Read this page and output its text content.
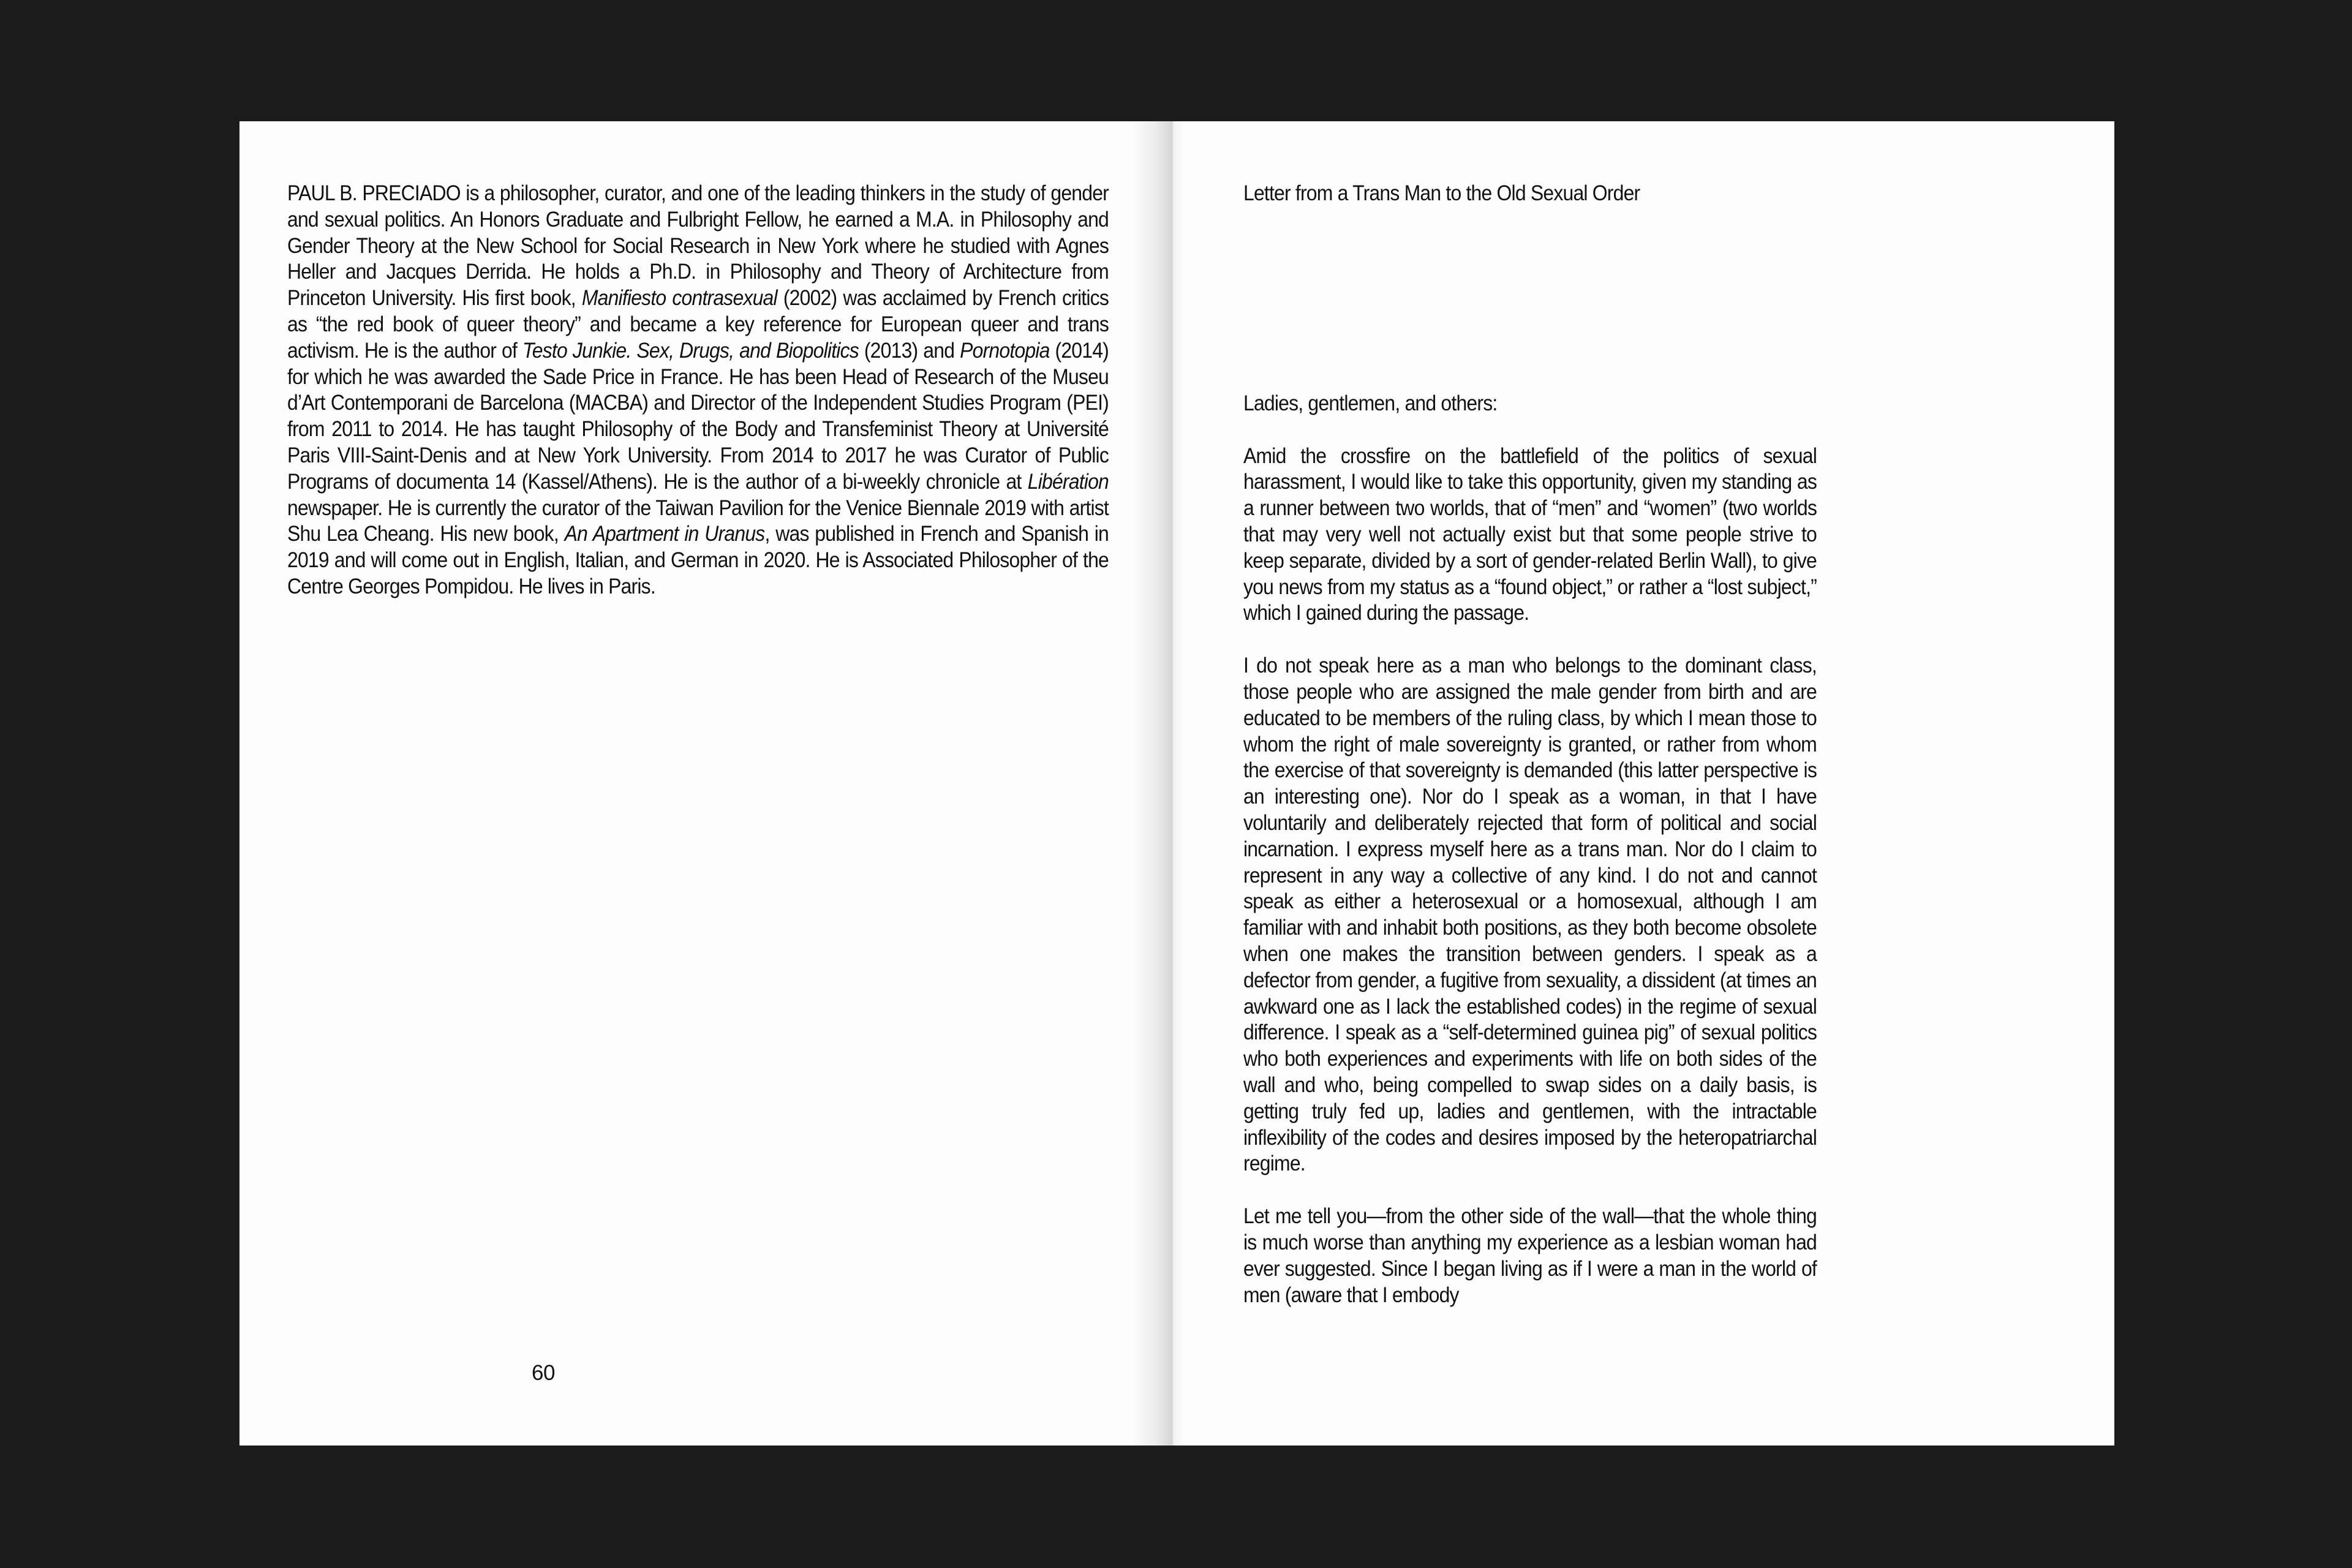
PAUL B. PRECIADO is a philosopher, curator, and one of the leading thinkers in the study of gender and sexual politics. An Honors Graduate and Fulbright Fellow, he earned a M.A. in Philosophy and Gender Theory at the New School for Social Research in New York where he studied with Agnes Heller and Jacques Derrida. He holds a Ph.D. in Philosophy and Theory of Architecture from Princeton University. His first book, Manifiesto contrasexual (2002) was acclaimed by French critics as “the red book of queer theory” and became a key reference for European queer and trans activism. He is the author of Testo Junkie. Sex, Drugs, and Biopolitics (2013) and Pornotopia (2014) for which he was awarded the Sade Price in France. He has been Head of Research of the Museu d’Art Contemporani de Barcelona (MACBA) and Director of the Independent Studies Program (PEI) from 2011 to 2014. He has taught Philosophy of the Body and Transfeminist Theory at Université Paris VIII-Saint-Denis and at New York University. From 2014 to 2017 he was Curator of Public Programs of documenta 14 (Kassel/Athens). He is the author of a bi-weekly chronicle at Libération newspaper. He is currently the curator of the Taiwan Pavilion for the Venice Biennale 2019 with artist Shu Lea Cheang. His new book, An Apartment in Uranus, was published in French and Spanish in 2019 and will come out in English, Italian, and German in 2020. He is Associated Philosopher of the Centre Georges Pompidou. He lives in Paris.

60

Letter from a Trans Man to the Old Sexual Order

Ladies, gentlemen, and others:

Amid the crossfire on the battlefield of the politics of sexual harassment, I would like to take this opportunity, given my standing as a runner between two worlds, that of “men” and “women” (two worlds that may very well not actually exist but that some people strive to keep separate, divided by a sort of gender-related Berlin Wall), to give you news from my status as a “found object,” or rather a “lost subject,” which I gained during the passage.

I do not speak here as a man who belongs to the dominant class, those people who are assigned the male gender from birth and are educated to be members of the ruling class, by which I mean those to whom the right of male sovereignty is granted, or rather from whom the exercise of that sovereignty is demanded (this latter perspective is an interesting one). Nor do I speak as a woman, in that I have voluntarily and deliberately rejected that form of political and social incarnation. I express myself here as a trans man. Nor do I claim to represent in any way a collective of any kind. I do not and cannot speak as either a heterosexual or a homosexual, although I am familiar with and inhabit both positions, as they both become obsolete when one makes the transition between genders. I speak as a defector from gender, a fugitive from sexuality, a dissident (at times an awkward one as I lack the established codes) in the regime of sexual difference. I speak as a “self-determined guinea pig” of sexual politics who both experiences and experiments with life on both sides of the wall and who, being compelled to swap sides on a daily basis, is getting truly fed up, ladies and gentlemen, with the intractable inflexibility of the codes and desires imposed by the heteropatriarchal regime.

Let me tell you—from the other side of the wall—that the whole thing is much worse than anything my experience as a lesbian woman had ever suggested. Since I began living as if I were a man in the world of men (aware that I embody
